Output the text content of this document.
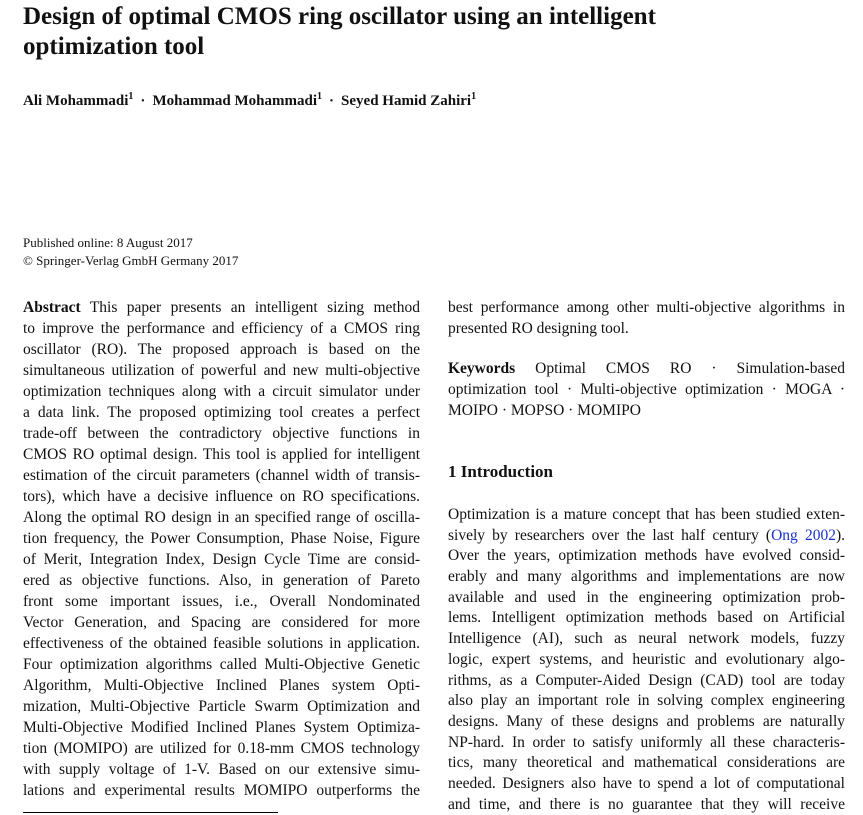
Design of optimal CMOS ring oscillator using an intelligent
optimization tool
Ali Mohammadi$^1$ · Mohammad Mohammadi$^1$ · Seyed Hamid Zahiri$^1$
Published online: 8 August 2017
© Springer-Verlag GmbH Germany 2017
Abstract This paper presents an intelligent sizing method
to improve the performance and efficiency of a CMOS ring
oscillator (RO). The proposed approach is based on the
simultaneous utilization of powerful and new multi-objective
optimization techniques along with a circuit simulator under
a data link. The proposed optimizing tool creates a perfect
trade-off between the contradictory objective functions in
CMOS RO optimal design. This tool is applied for intelligent
estimation of the circuit parameters (channel width of transis-
tors), which have a decisive influence on RO specifications.
Along the optimal RO design in an specified range of oscilla-
tion frequency, the Power Consumption, Phase Noise, Figure
of Merit, Integration Index, Design Cycle Time are consid-
ered as objective functions. Also, in generation of Pareto
front some important issues, i.e., Overall Nondominated
Vector Generation, and Spacing are considered for more
effectiveness of the obtained feasible solutions in application.
Four optimization algorithms called Multi-Objective Genetic
Algorithm, Multi-Objective Inclined Planes system Opti-
mization, Multi-Objective Particle Swarm Optimization and
Multi-Objective Modified Inclined Planes System Optimiza-
tion (MOMIPO) are utilized for 0.18-mm CMOS technology
with supply voltage of 1-V. Based on our extensive simu-
lations and experimental results MOMIPO outperforms the
best performance among other multi-objective algorithms in
presented RO designing tool.
Keywords Optimal CMOS RO · Simulation-based
optimization tool · Multi-objective optimization · MOGA ·
MOIPO · MOPSO · MOMIPO
1 Introduction
Optimization is a mature concept that has been studied exten-
sively by researchers over the last half century (Ong 2002).
Over the years, optimization methods have evolved consid-
erably and many algorithms and implementations are now
available and used in the engineering optimization prob-
lems. Intelligent optimization methods based on Artificial
Intelligence (AI), such as neural network models, fuzzy
logic, expert systems, and heuristic and evolutionary algo-
rithms, as a Computer-Aided Design (CAD) tool are today
also play an important role in solving complex engineering
designs. Many of these designs and problems are naturally
NP-hard. In order to satisfy uniformly all these characteris-
tics, many theoretical and mathematical considerations are
needed. Designers also have to spend a lot of computational
and time, and there is no guarantee that they will receive
